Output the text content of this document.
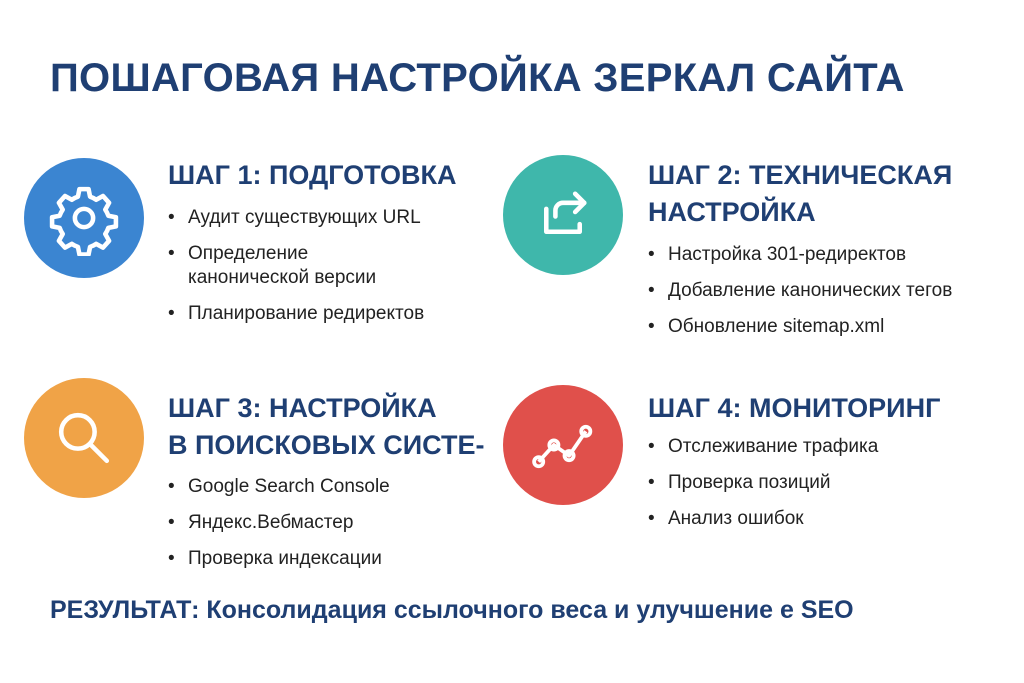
ПОШАГОВАЯ НАСТРОЙКА ЗЕРКАЛ САЙТА
ШАГ 1: ПОДГОТОВКА
• Аудит существующих URL
• Определение канонической версии
• Планирование редиректов
ШАГ 2: ТЕХНИЧЕСКАЯ
НАСТРОЙКА
• Настройка 301-редиректов
• Добавление канонических тегов
• Обновление sitemap.xml
ШАГ 3: НАСТРОЙКА
В ПОИСКОВЫХ СИСТЕ-
• Google Search Console
• Яндекс.Вебмастер
• Проверка индексации
ШАГ 4: МОНИТОРИНГ
• Отслеживание трафика
• Проверка позиций
• Анализ ошибок
РЕЗУЛЬТАТ: Консолидация ссылочного веса и улучшение е SEO
